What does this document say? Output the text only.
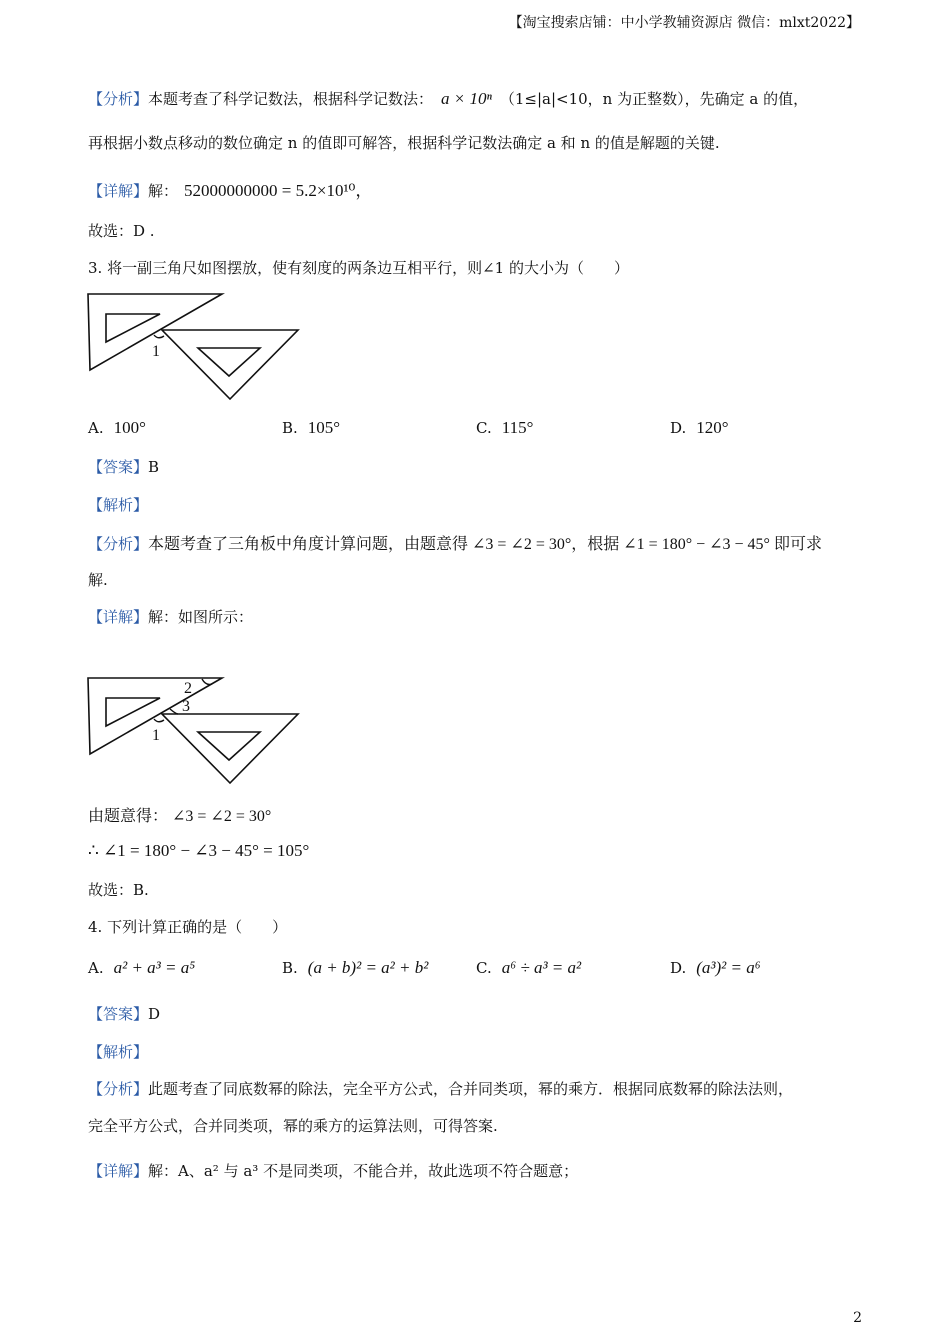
【淘宝搜索店铺：中小学教辅资源店 微信：mlxt2022】
【分析】本题考查了科学记数法，根据科学记数法： a × 10ⁿ （1≤|a|<10，n 为正整数），先确定 a 的值，
再根据小数点移动的数位确定 n 的值即可解答，根据科学记数法确定 a 和 n 的值是解题的关键.
【详解】解： 52000000000 = 5.2×10¹⁰，
故选：D .
3. 将一副三角尺如图摆放，使有刻度的两条边互相平行，则∠1 的大小为（　　）
1
A. 100°	B. 105°	C. 115°	D. 120°
【答案】B
【解析】
【分析】本题考查了三角板中角度计算问题，由题意得 ∠3 = ∠2 = 30°，根据 ∠1 = 180° − ∠3 − 45° 即可求
解.
【详解】解：如图所示：
2
3
1
由题意得： ∠3 = ∠2 = 30°
∴ ∠1 = 180° − ∠3 − 45° = 105°
故选：B.
4. 下列计算正确的是（　　）
A. a² + a³ = a⁵	B. (a + b)² = a² + b²	C. a⁶ ÷ a³ = a²	D. (a³)² = a⁶
【答案】D
【解析】
【分析】此题考查了同底数幂的除法，完全平方公式，合并同类项，幂的乘方．根据同底数幂的除法法则，
完全平方公式，合并同类项，幂的乘方的运算法则，可得答案.
【详解】解：A、a² 与 a³ 不是同类项，不能合并，故此选项不符合题意；
2
